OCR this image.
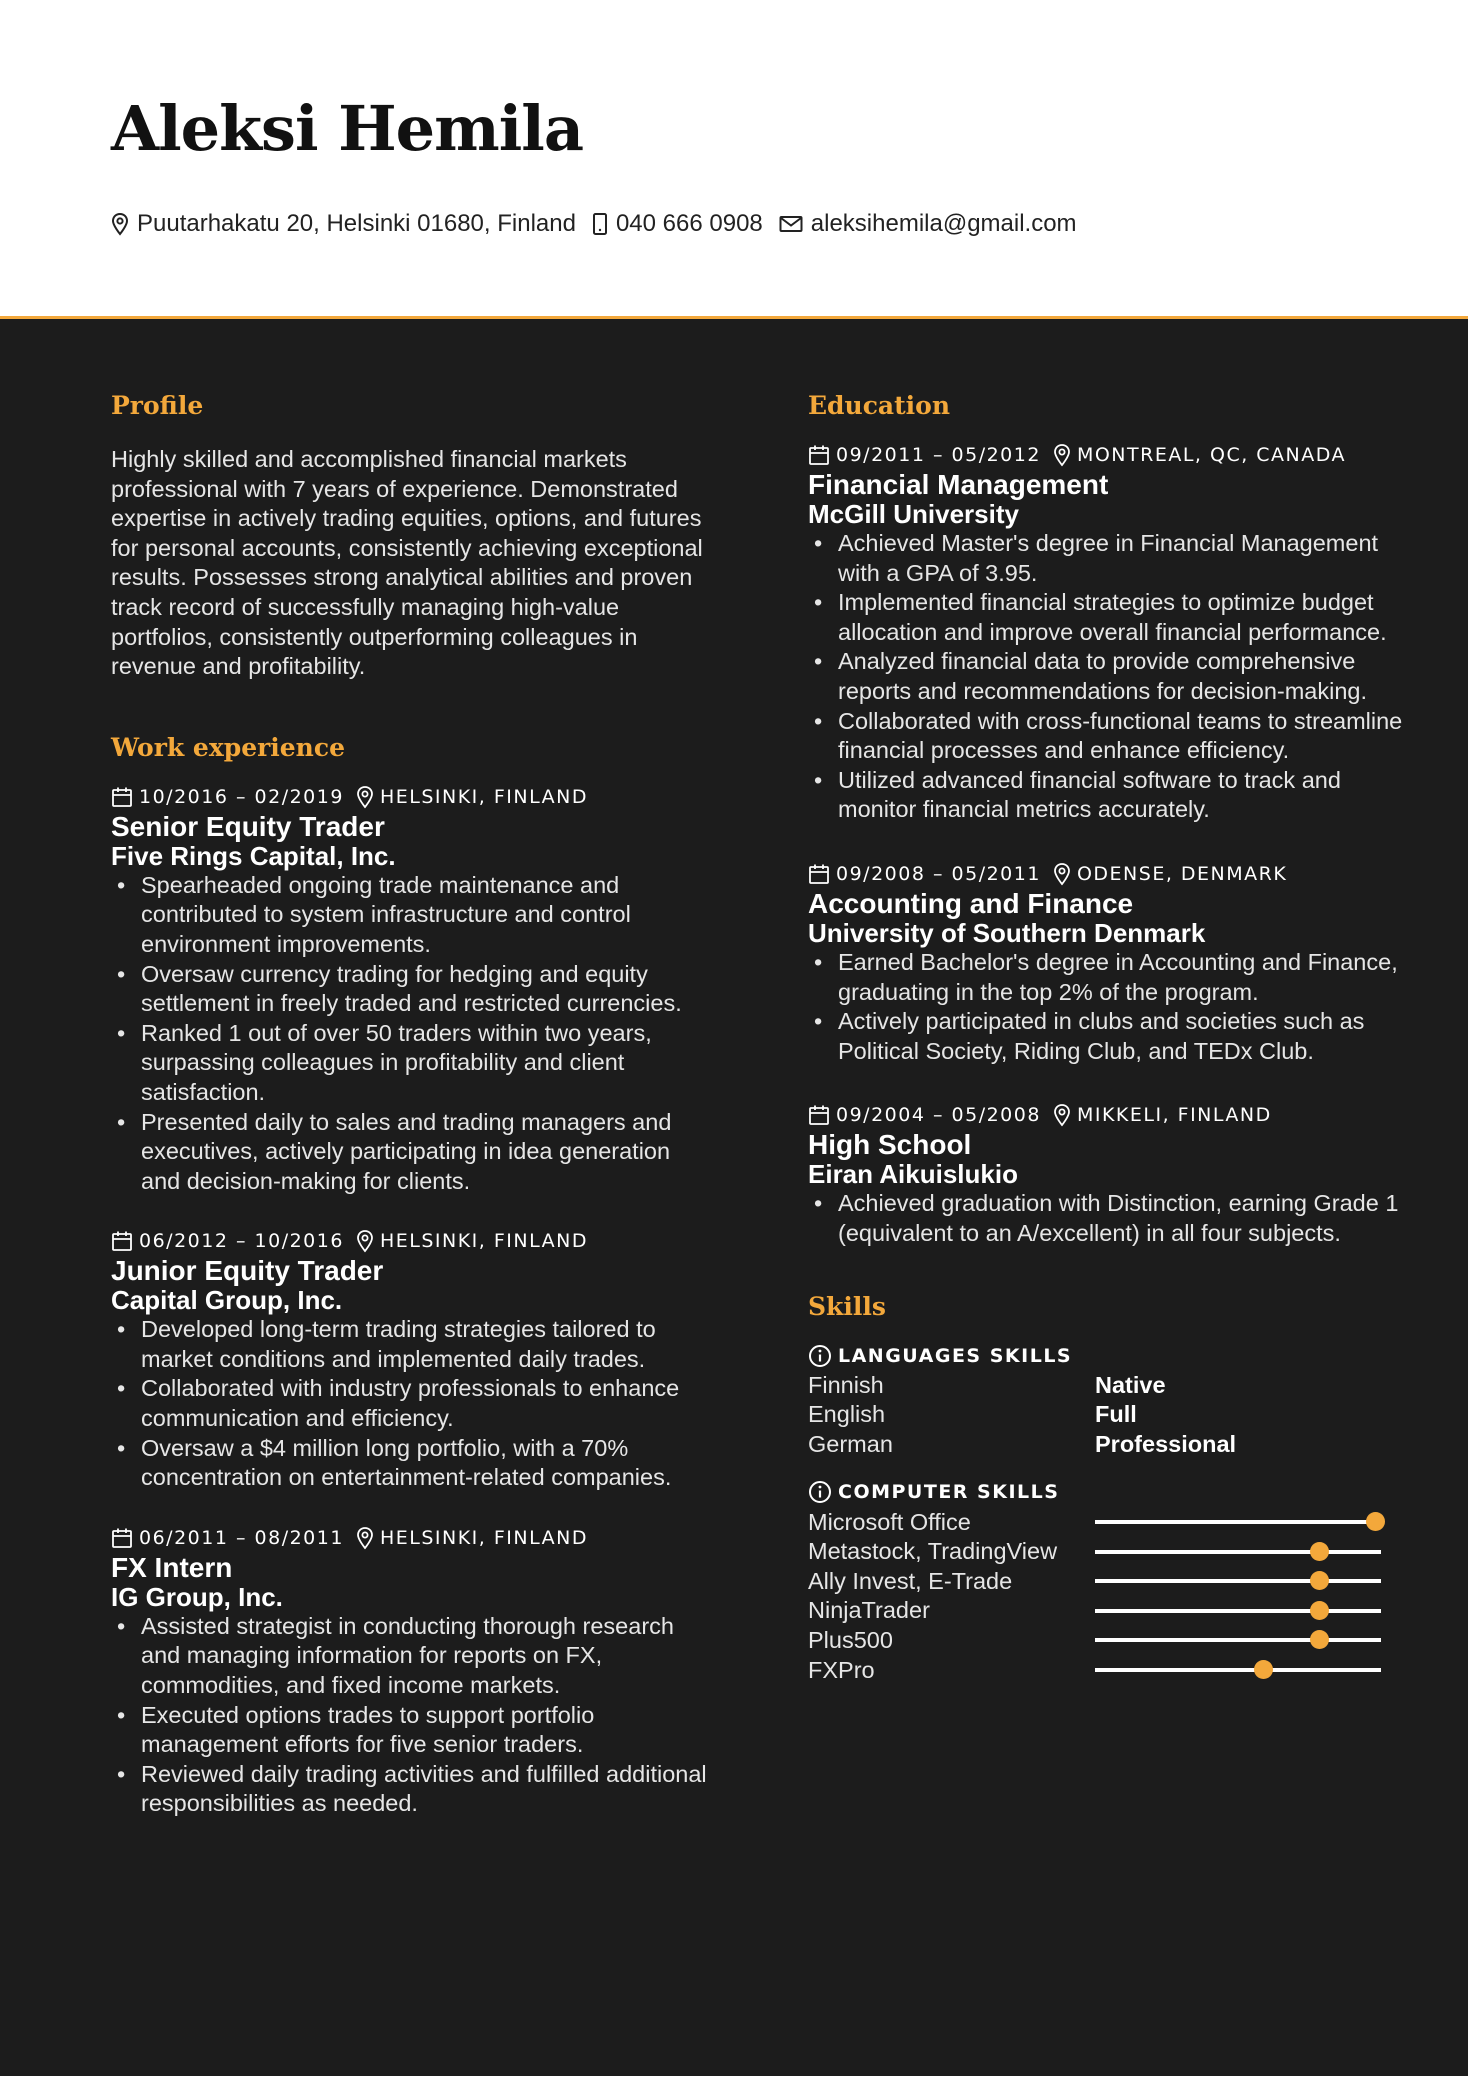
Aleksi Hemila
Puutarhakatu 20, Helsinki 01680, Finland 040 666 0908 aleksihemila@gmail.com
Profile
Highly skilled and accomplished financial markets professional with 7 years of experience. Demonstrated expertise in actively trading equities, options, and futures for personal accounts, consistently achieving exceptional results. Possesses strong analytical abilities and proven track record of successfully managing high-value portfolios, consistently outperforming colleagues in revenue and profitability.
Work experience
10/2016 – 02/2019 HELSINKI, FINLAND
Senior Equity Trader
Five Rings Capital, Inc.
• Spearheaded ongoing trade maintenance and contributed to system infrastructure and control environment improvements.
• Oversaw currency trading for hedging and equity settlement in freely traded and restricted currencies.
• Ranked 1 out of over 50 traders within two years, surpassing colleagues in profitability and client satisfaction.
• Presented daily to sales and trading managers and executives, actively participating in idea generation and decision-making for clients.
06/2012 – 10/2016 HELSINKI, FINLAND
Junior Equity Trader
Capital Group, Inc.
• Developed long-term trading strategies tailored to market conditions and implemented daily trades.
• Collaborated with industry professionals to enhance communication and efficiency.
• Oversaw a $4 million long portfolio, with a 70% concentration on entertainment-related companies.
06/2011 – 08/2011 HELSINKI, FINLAND
FX Intern
IG Group, Inc.
• Assisted strategist in conducting thorough research and managing information for reports on FX, commodities, and fixed income markets.
• Executed options trades to support portfolio management efforts for five senior traders.
• Reviewed daily trading activities and fulfilled additional responsibilities as needed.
Education
09/2011 – 05/2012 MONTREAL, QC, CANADA
Financial Management
McGill University
• Achieved Master's degree in Financial Management with a GPA of 3.95.
• Implemented financial strategies to optimize budget allocation and improve overall financial performance.
• Analyzed financial data to provide comprehensive reports and recommendations for decision-making.
• Collaborated with cross-functional teams to streamline financial processes and enhance efficiency.
• Utilized advanced financial software to track and monitor financial metrics accurately.
09/2008 – 05/2011 ODENSE, DENMARK
Accounting and Finance
University of Southern Denmark
• Earned Bachelor's degree in Accounting and Finance, graduating in the top 2% of the program.
• Actively participated in clubs and societies such as Political Society, Riding Club, and TEDx Club.
09/2004 – 05/2008 MIKKELI, FINLAND
High School
Eiran Aikuislukio
• Achieved graduation with Distinction, earning Grade 1 (equivalent to an A/excellent) in all four subjects.
Skills
LANGUAGES SKILLS
Finnish	Native
English	Full
German	Professional
COMPUTER SKILLS
Microsoft Office
Metastock, TradingView
Ally Invest, E-Trade
NinjaTrader
Plus500
FXPro
